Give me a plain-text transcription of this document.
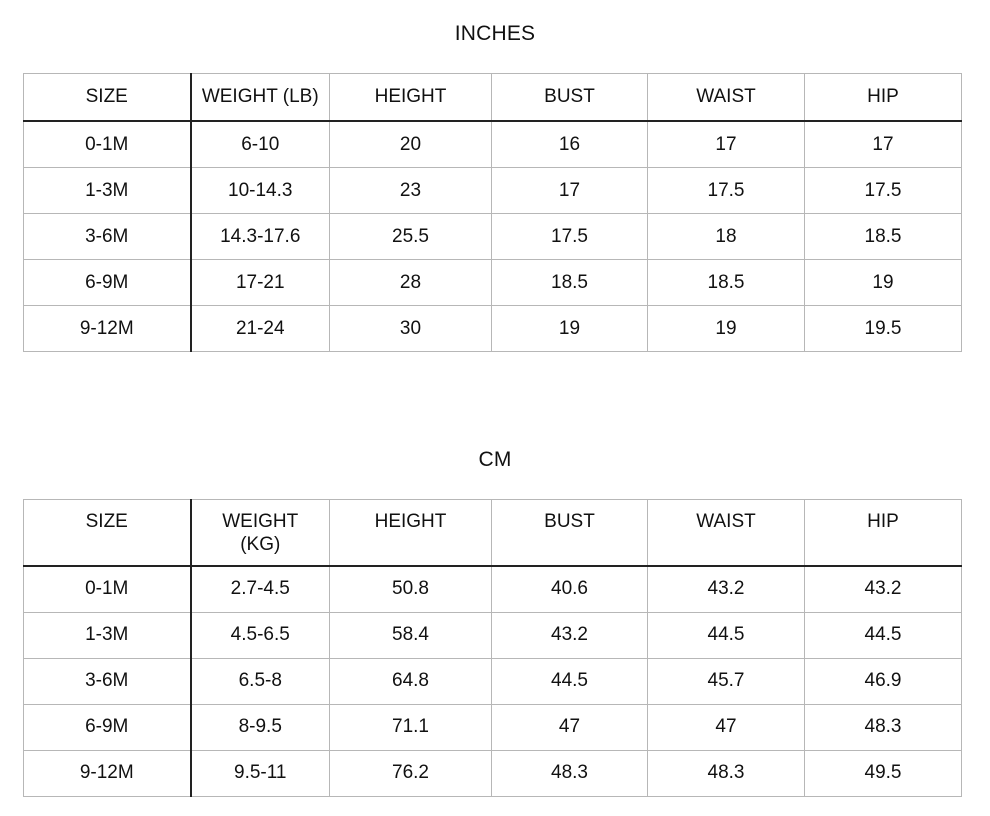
INCHES
SIZE	WEIGHT (LB)	HEIGHT	BUST	WAIST	HIP
0-1M	6-10	20	16	17	17
1-3M	10-14.3	23	17	17.5	17.5
3-6M	14.3-17.6	25.5	17.5	18	18.5
6-9M	17-21	28	18.5	18.5	19
9-12M	21-24	30	19	19	19.5
CM
SIZE	WEIGHT (KG)	HEIGHT	BUST	WAIST	HIP
0-1M	2.7-4.5	50.8	40.6	43.2	43.2
1-3M	4.5-6.5	58.4	43.2	44.5	44.5
3-6M	6.5-8	64.8	44.5	45.7	46.9
6-9M	8-9.5	71.1	47	47	48.3
9-12M	9.5-11	76.2	48.3	48.3	49.5
